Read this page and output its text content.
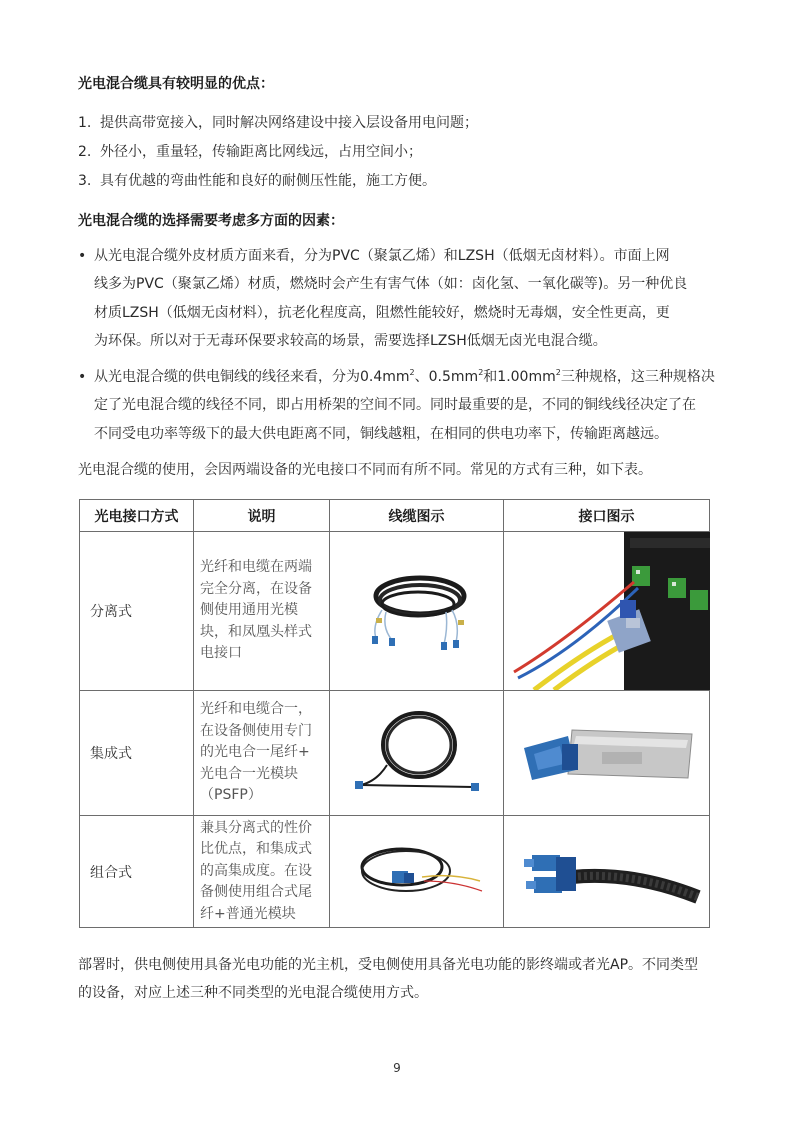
光电混合缆具有较明显的优点：
1. 提供高带宽接入，同时解决网络建设中接入层设备用电问题；
2. 外径小，重量轻，传输距离比网线远，占用空间小；
3. 具有优越的弯曲性能和良好的耐侧压性能，施工方便。
光电混合缆的选择需要考虑多方面的因素：
• 从光电混合缆外皮材质方面来看，分为PVC（聚氯乙烯）和LZSH（低烟无卤材料）。市面上网
线多为PVC（聚氯乙烯）材质，燃烧时会产生有害气体（如：卤化氢、一氧化碳等)。另一种优良
材质LZSH（低烟无卤材料），抗老化程度高，阻燃性能较好，燃烧时无毒烟，安全性更高，更
为环保。所以对于无毒环保要求较高的场景，需要选择LZSH低烟无卤光电混合缆。
• 从光电混合缆的供电铜线的线径来看，分为$0.4mm^2$、$0.5mm^2$和$1.00mm^2$三种规格，这三种规格决
定了光电混合缆的线径不同，即占用桥架的空间不同。同时最重要的是，不同的铜线线径决定了在
不同受电功率等级下的最大供电距离不同，铜线越粗，在相同的供电功率下，传输距离越远。
光电混合缆的使用，会因两端设备的光电接口不同而有所不同。常见的方式有三种，如下表。
光电接口方式	说明	线缆图示	接口图示
分离式	光纤和电缆在两端
完全分离，在设备
侧使用通用光模
块，和凤凰头样式
电接口	

集成式	光纤和电缆合一，
在设备侧使用专门
的光电合一尾纤+
光电合一光模块
（PSFP）	

组合式	兼具分离式的性价
比优点，和集成式
的高集成度。在设
备侧使用组合式尾
纤+普通光模块	

部署时，供电侧使用具备光电功能的光主机，受电侧使用具备光电功能的影终端或者光AP。不同类型
的设备，对应上述三种不同类型的光电混合缆使用方式。
9
